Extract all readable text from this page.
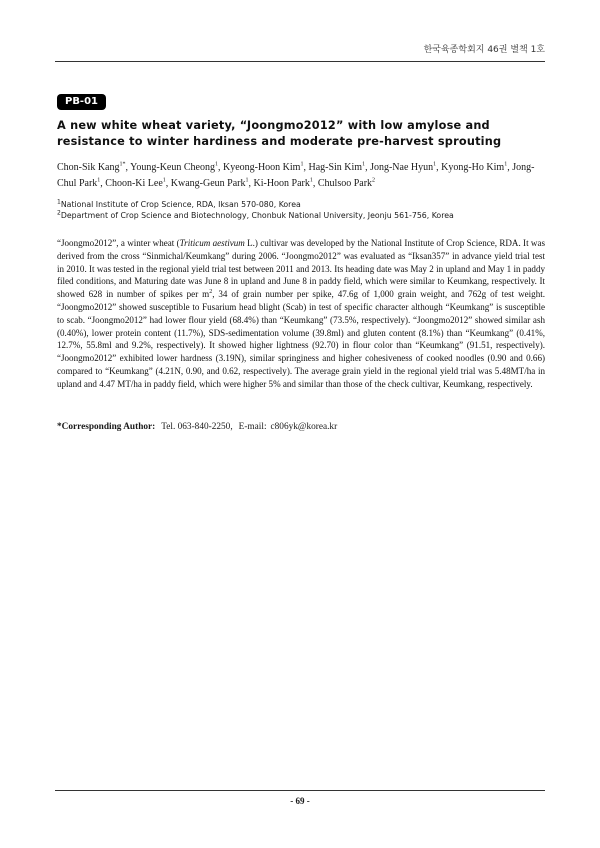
한국육종학회지 46권 별책 1호
PB-01
A new white wheat variety, “Joongmo2012” with low amylose and resistance to winter hardiness and moderate pre-harvest sprouting
Chon-Sik Kang$^{1*}$, Young-Keun Cheong$^1$, Kyeong-Hoon Kim$^1$, Hag-Sin Kim$^1$, Jong-Nae Hyun$^1$, Kyong-Ho Kim$^1$, Jong-Chul Park$^1$, Choon-Ki Lee$^1$, Kwang-Geun Park$^1$, Ki-Hoon Park$^1$, Chulsoo Park$^2$
$^1$National Institute of Crop Science, RDA, Iksan 570-080, Korea
$^2$Department of Crop Science and Biotechnology, Chonbuk National University, Jeonju 561-756, Korea

“Joongmo2012”, a winter wheat (Triticum aestivum L.) cultivar was developed by the National Institute of Crop Science, RDA. It was derived from the cross “Sinmichal/Keumkang” during 2006. “Joongmo2012” was evaluated as “Iksan357” in advance yield trial test in 2010. It was tested in the regional yield trial test between 2011 and 2013. Its heading date was May 2 in upland and May 1 in paddy filed conditions, and Maturing date was June 8 in upland and June 8 in paddy field, which were similar to Keumkang, respectively. It showed 628 in number of spikes per $m^2$, 34 of grain number per spike, 47.6g of 1,000 grain weight, and 762g of test weight. “Joongmo2012” showed susceptible to Fusarium head blight (Scab) in test of specific character although “Keumkang” is susceptible to scab. “Joongmo2012” had lower flour yield (68.4%) than “Keumkang” (73.5%, respectively). “Joongmo2012” showed similar ash (0.40%), lower protein content (11.7%), SDS-sedimentation volume (39.8ml) and gluten content (8.1%) than “Keumkang” (0.41%, 12.7%, 55.8ml and 9.2%, respectively). It showed higher lightness (92.70) in flour color than “Keumkang” (91.51, respectively). “Joongmo2012” exhibited lower hardness (3.19N), similar springiness and higher cohesiveness of cooked noodles (0.90 and 0.66) compared to “Keumkang” (4.21N, 0.90, and 0.62, respectively). The average grain yield in the regional yield trial was 5.48MT/ha in upland and 4.47 MT/ha in paddy field, which were higher 5% and similar than those of the check cultivar, Keumkang, respectively.

*Corresponding Author: Tel. 063-840-2250, E-mail: c806yk@korea.kr
- 69 -
